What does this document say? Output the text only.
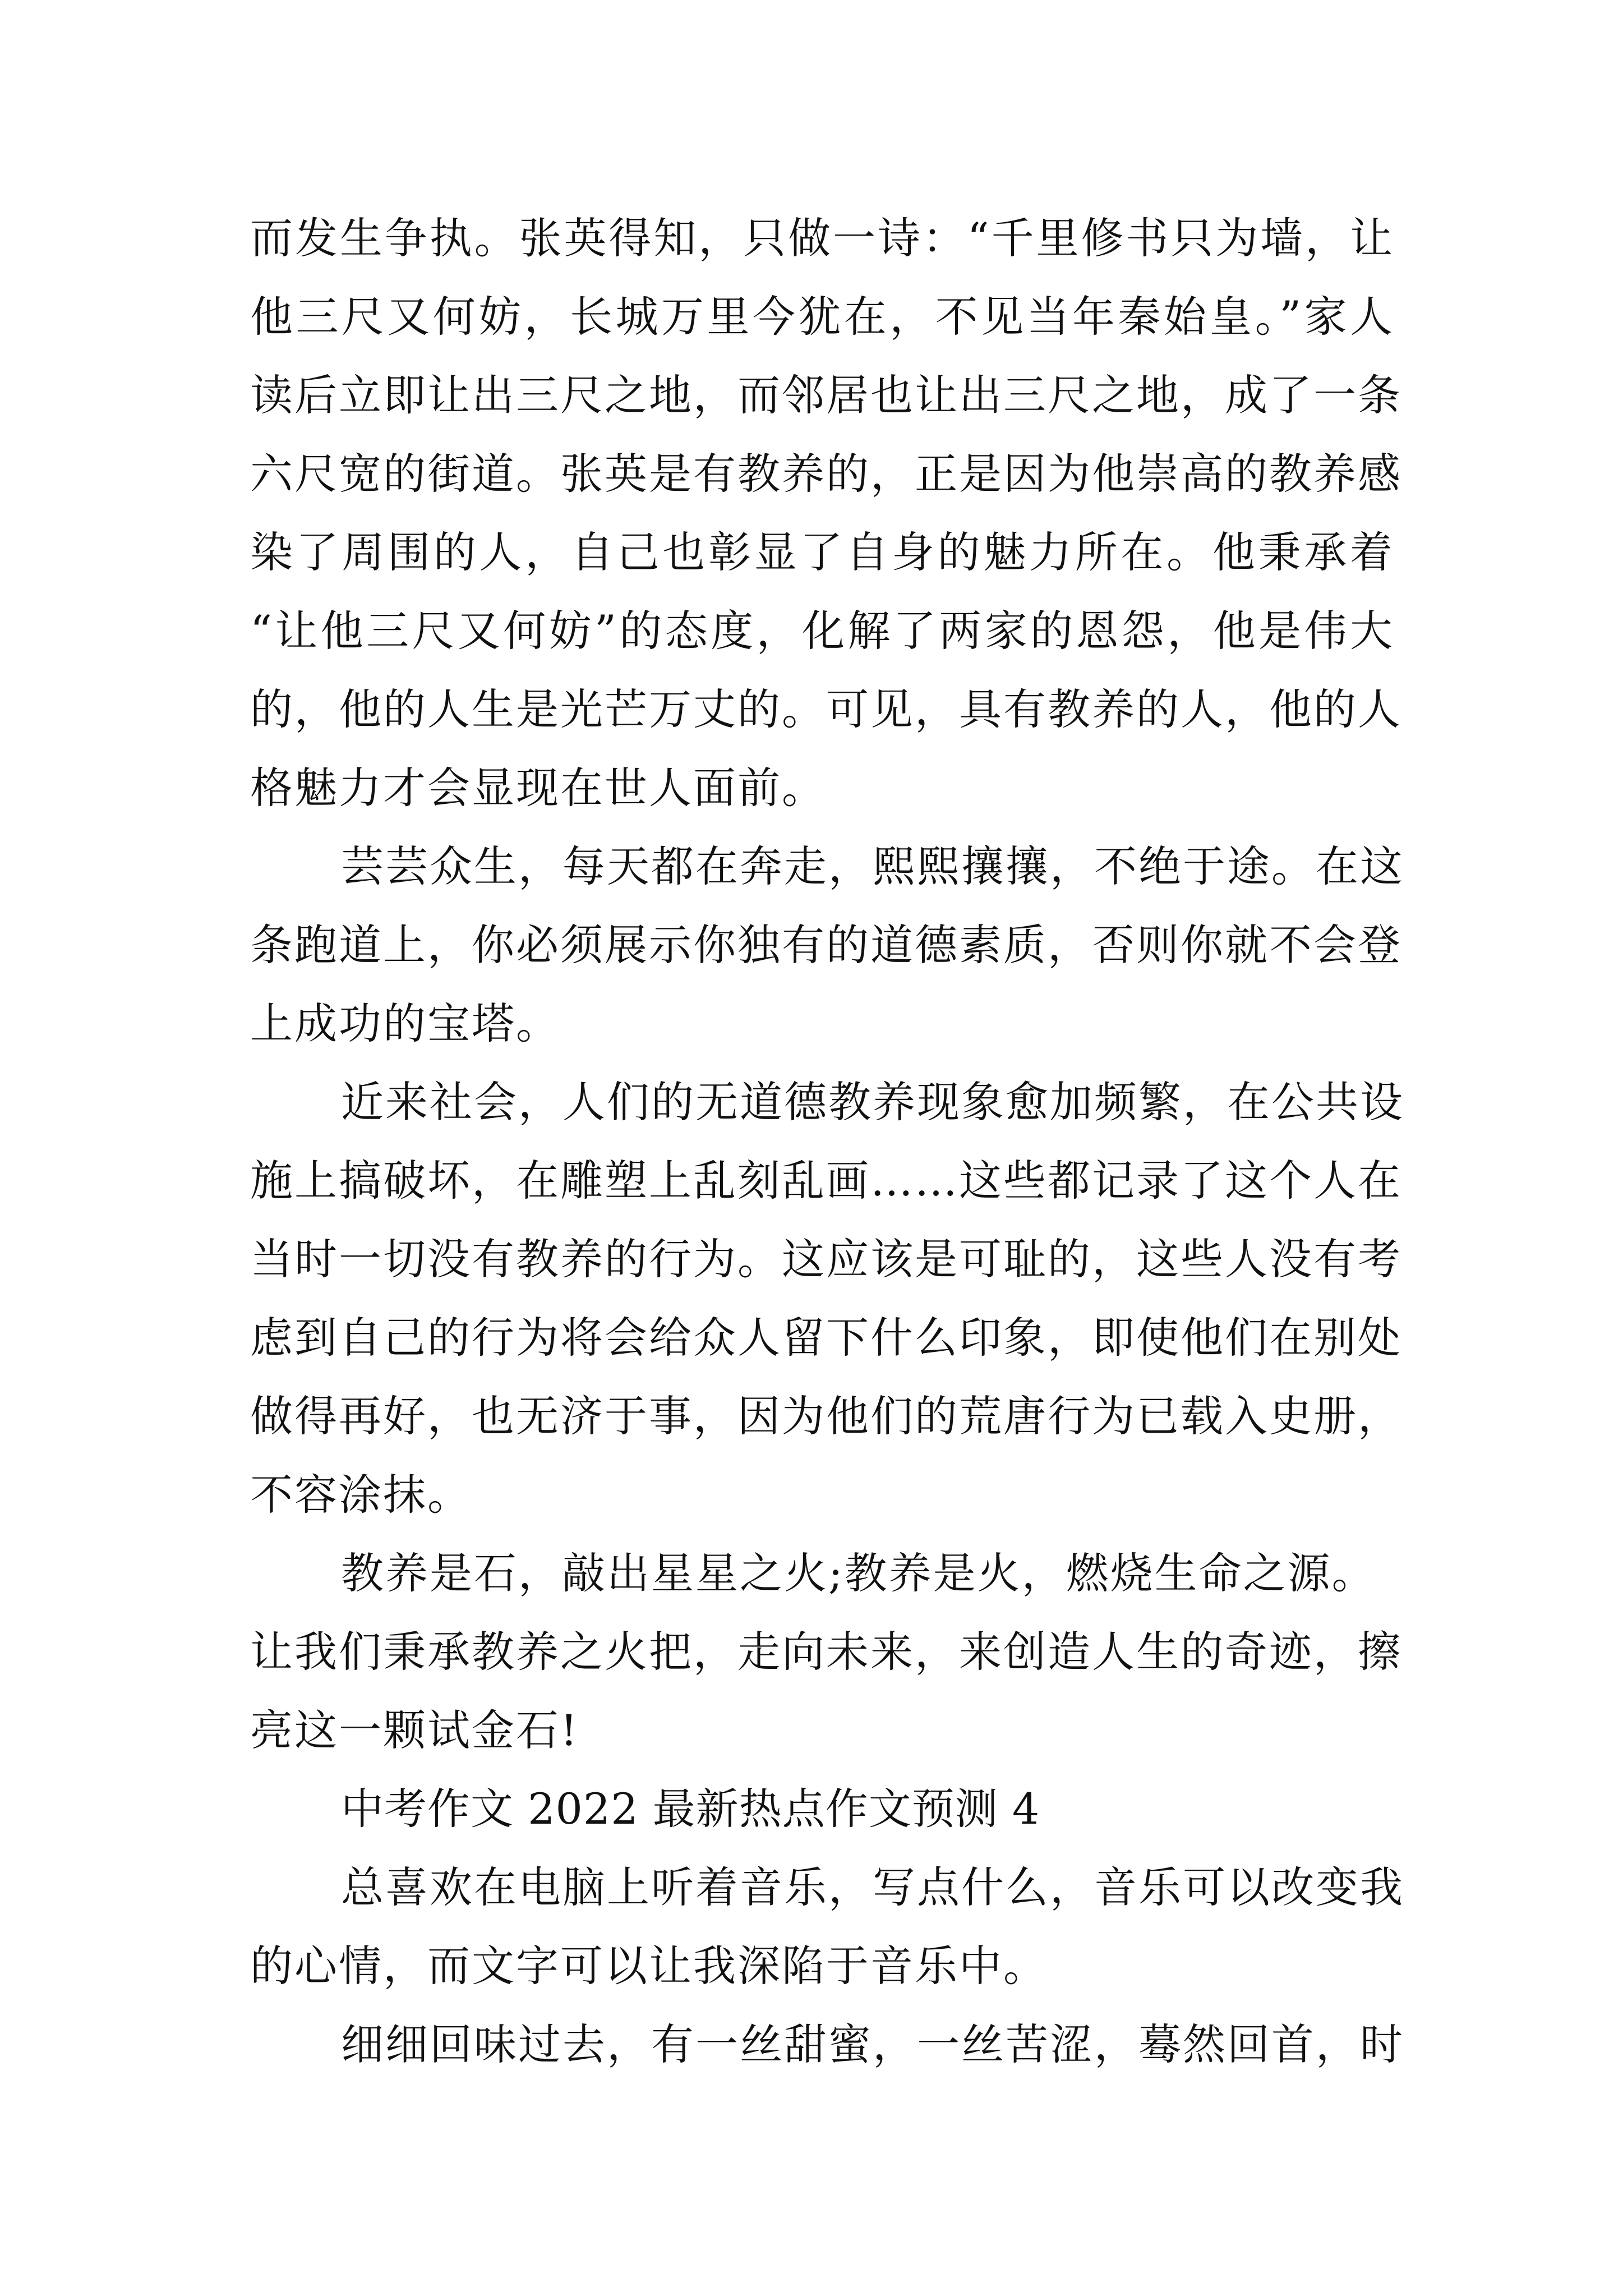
而发生争执。张英得知，只做一诗：“千里修书只为墙，让
他三尺又何妨，长城万里今犹在，不见当年秦始皇。”家人
读后立即让出三尺之地，而邻居也让出三尺之地，成了一条
六尺宽的街道。张英是有教养的，正是因为他崇高的教养感
染了周围的人，自己也彰显了自身的魅力所在。他秉承着
“让他三尺又何妨”的态度，化解了两家的恩怨，他是伟大
的，他的人生是光芒万丈的。可见，具有教养的人，他的人
格魅力才会显现在世人面前。
芸芸众生，每天都在奔走，熙熙攘攘，不绝于途。在这
条跑道上，你必须展示你独有的道德素质，否则你就不会登
上成功的宝塔。
近来社会，人们的无道德教养现象愈加频繁，在公共设
施上搞破坏，在雕塑上乱刻乱画……这些都记录了这个人在
当时一切没有教养的行为。这应该是可耻的，这些人没有考
虑到自己的行为将会给众人留下什么印象，即使他们在别处
做得再好，也无济于事，因为他们的荒唐行为已载入史册，
不容涂抹。
教养是石，敲出星星之火;教养是火，燃烧生命之源。
让我们秉承教养之火把，走向未来，来创造人生的奇迹，擦
亮这一颗试金石!
中考作文 2022 最新热点作文预测 4
总喜欢在电脑上听着音乐，写点什么，音乐可以改变我
的心情，而文字可以让我深陷于音乐中。
细细回味过去，有一丝甜蜜，一丝苦涩，蓦然回首，时
